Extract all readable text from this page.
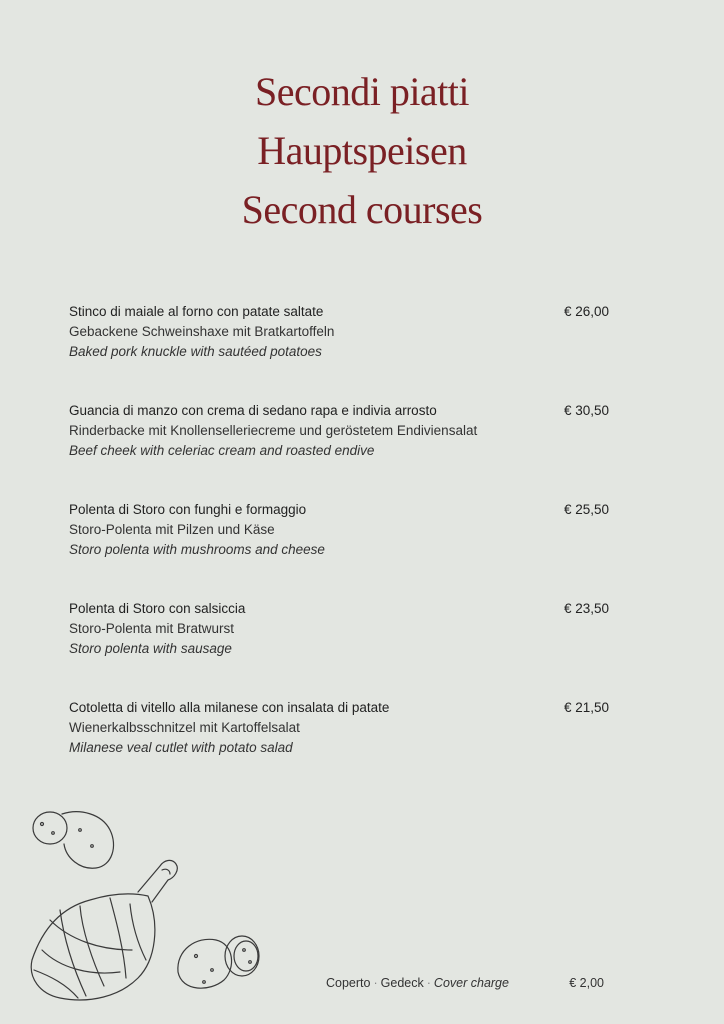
Secondi piatti
Hauptspeisen
Second courses
Stinco di maiale al forno con patate saltate
Gebackene Schweinshaxe mit Bratkartoffeln
Baked pork knuckle with sautéed potatoes
€ 26,00
Guancia di manzo con crema di sedano rapa e indivia arrosto
Rinderbacke mit Knollenselleriecreme und geröstetem Endiviensalat
Beef cheek with celeriac cream and roasted endive
€ 30,50
Polenta di Storo con funghi e formaggio
Storo-Polenta mit Pilzen und Käse
Storo polenta with mushrooms and cheese
€ 25,50
Polenta di Storo con salsiccia
Storo-Polenta mit Bratwurst
Storo polenta with sausage
€ 23,50
Cotoletta di vitello alla milanese con insalata di patate
Wienerkalbsschnitzel mit Kartoffelsalat
Milanese veal cutlet with potato salad
€ 21,50
Coperto · Gedeck · Cover charge	€ 2,00
